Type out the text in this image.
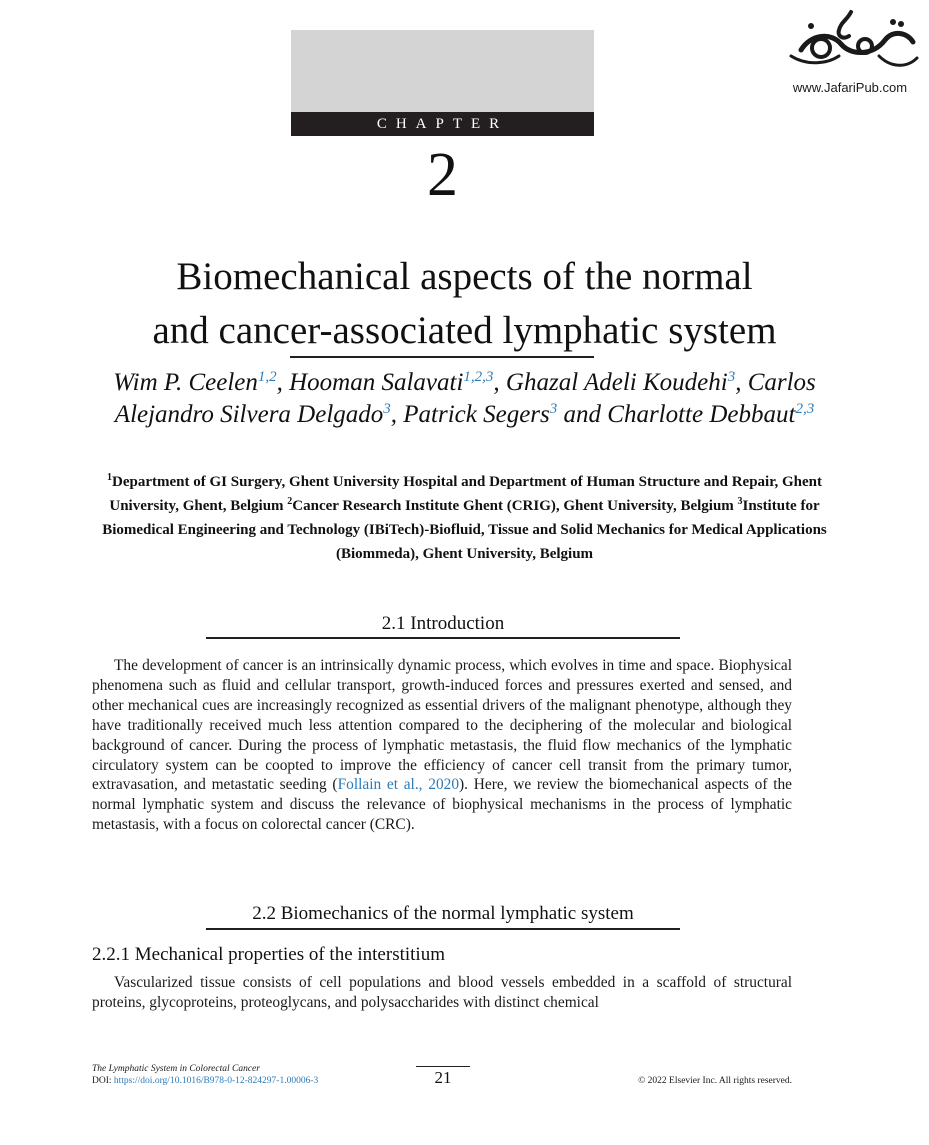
www.JafariPub.com
CHAPTER
2
Biomechanical aspects of the normal
and cancer-associated lymphatic system
Wim P. Ceelen$^{1,2}$, Hooman Salavati$^{1,2,3}$, Ghazal Adeli Koudehi$^3$, Carlos Alejandro Silvera Delgado$^3$, Patrick Segers$^3$ and Charlotte Debbaut$^{2,3}$
$^1$Department of GI Surgery, Ghent University Hospital and Department of Human Structure and Repair, Ghent University, Ghent, Belgium $^2$Cancer Research Institute Ghent (CRIG), Ghent University, Belgium $^3$Institute for Biomedical Engineering and Technology (IBiTech)-Biofluid, Tissue and Solid Mechanics for Medical Applications (Biommeda), Ghent University, Belgium
2.1 Introduction
The development of cancer is an intrinsically dynamic process, which evolves in time and space. Biophysical phenomena such as fluid and cellular transport, growth-induced forces and pressures exerted and sensed, and other mechanical cues are increasingly recognized as essential drivers of the malignant phenotype, although they have traditionally received much less attention compared to the deciphering of the molecular and biological background of cancer. During the process of lymphatic metastasis, the fluid flow mechanics of the lymphatic circulatory system can be coopted to improve the efficiency of cancer cell transit from the primary tumor, extravasation, and metastatic seeding (Follain et al., 2020). Here, we review the biomechanical aspects of the normal lymphatic system and discuss the relevance of biophysical mechanisms in the process of lymphatic metastasis, with a focus on colorectal cancer (CRC).
2.2 Biomechanics of the normal lymphatic system
2.2.1 Mechanical properties of the interstitium
Vascularized tissue consists of cell populations and blood vessels embedded in a scaffold of structural proteins, glycoproteins, proteoglycans, and polysaccharides with distinct chemical
The Lymphatic System in Colorectal Cancer
DOI: https://doi.org/10.1016/B978-0-12-824297-1.00006-3	21	© 2022 Elsevier Inc. All rights reserved.
